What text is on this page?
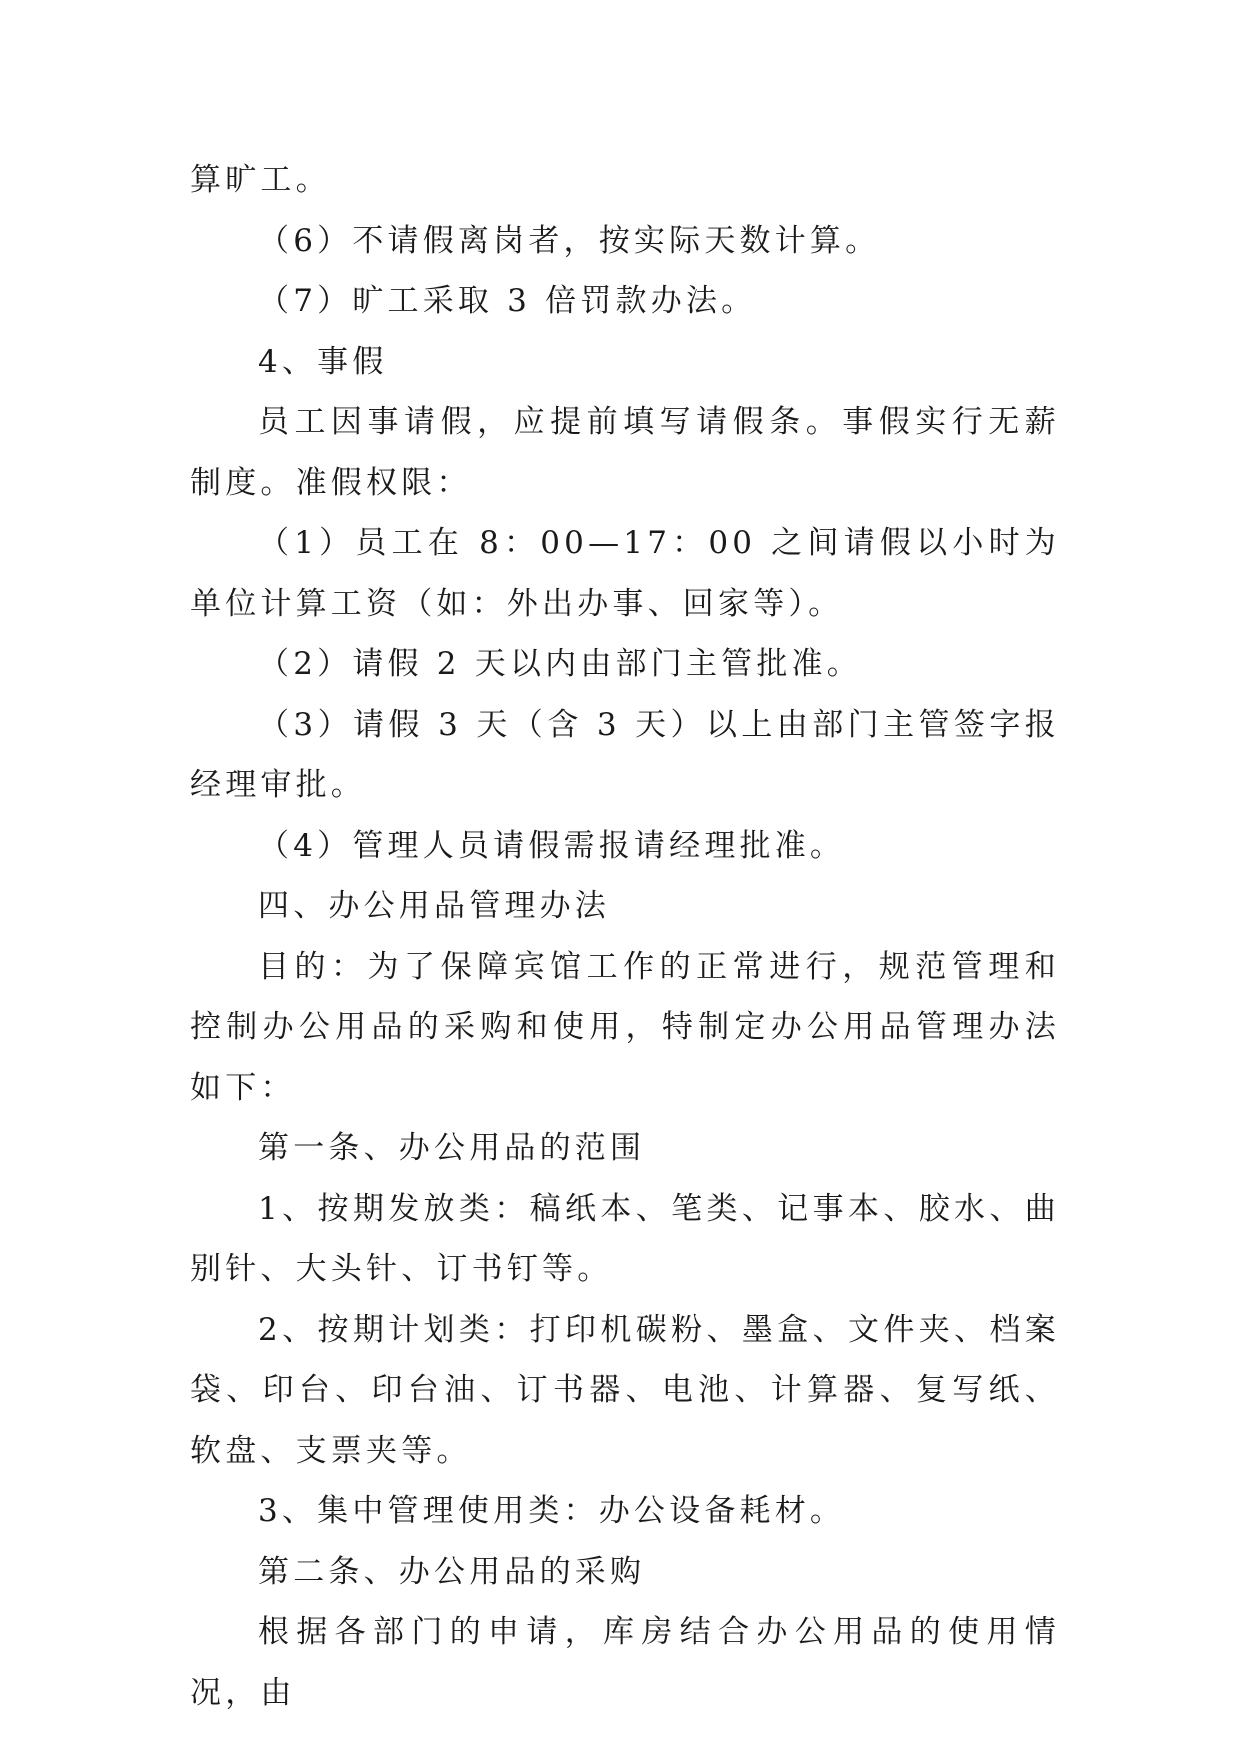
算旷工。

（6）不请假离岗者，按实际天数计算。

（7）旷工采取 3 倍罚款办法。

4、事假

员工因事请假，应提前填写请假条。事假实行无薪制度。准假权限：

（1）员工在 8：00—17：00 之间请假以小时为单位计算工资（如：外出办事、回家等）。

（2）请假 2 天以内由部门主管批准。

（3）请假 3 天（含 3 天）以上由部门主管签字报经理审批。

（4）管理人员请假需报请经理批准。

四、办公用品管理办法

目的：为了保障宾馆工作的正常进行，规范管理和控制办公用品的采购和使用，特制定办公用品管理办法如下：

第一条、办公用品的范围

1、按期发放类：稿纸本、笔类、记事本、胶水、曲别针、大头针、订书钉等。

2、按期计划类：打印机碳粉、墨盒、文件夹、档案袋、印台、印台油、订书器、电池、计算器、复写纸、软盘、支票夹等。

3、集中管理使用类：办公设备耗材。

第二条、办公用品的采购

根据各部门的申请，库房结合办公用品的使用情况，由
